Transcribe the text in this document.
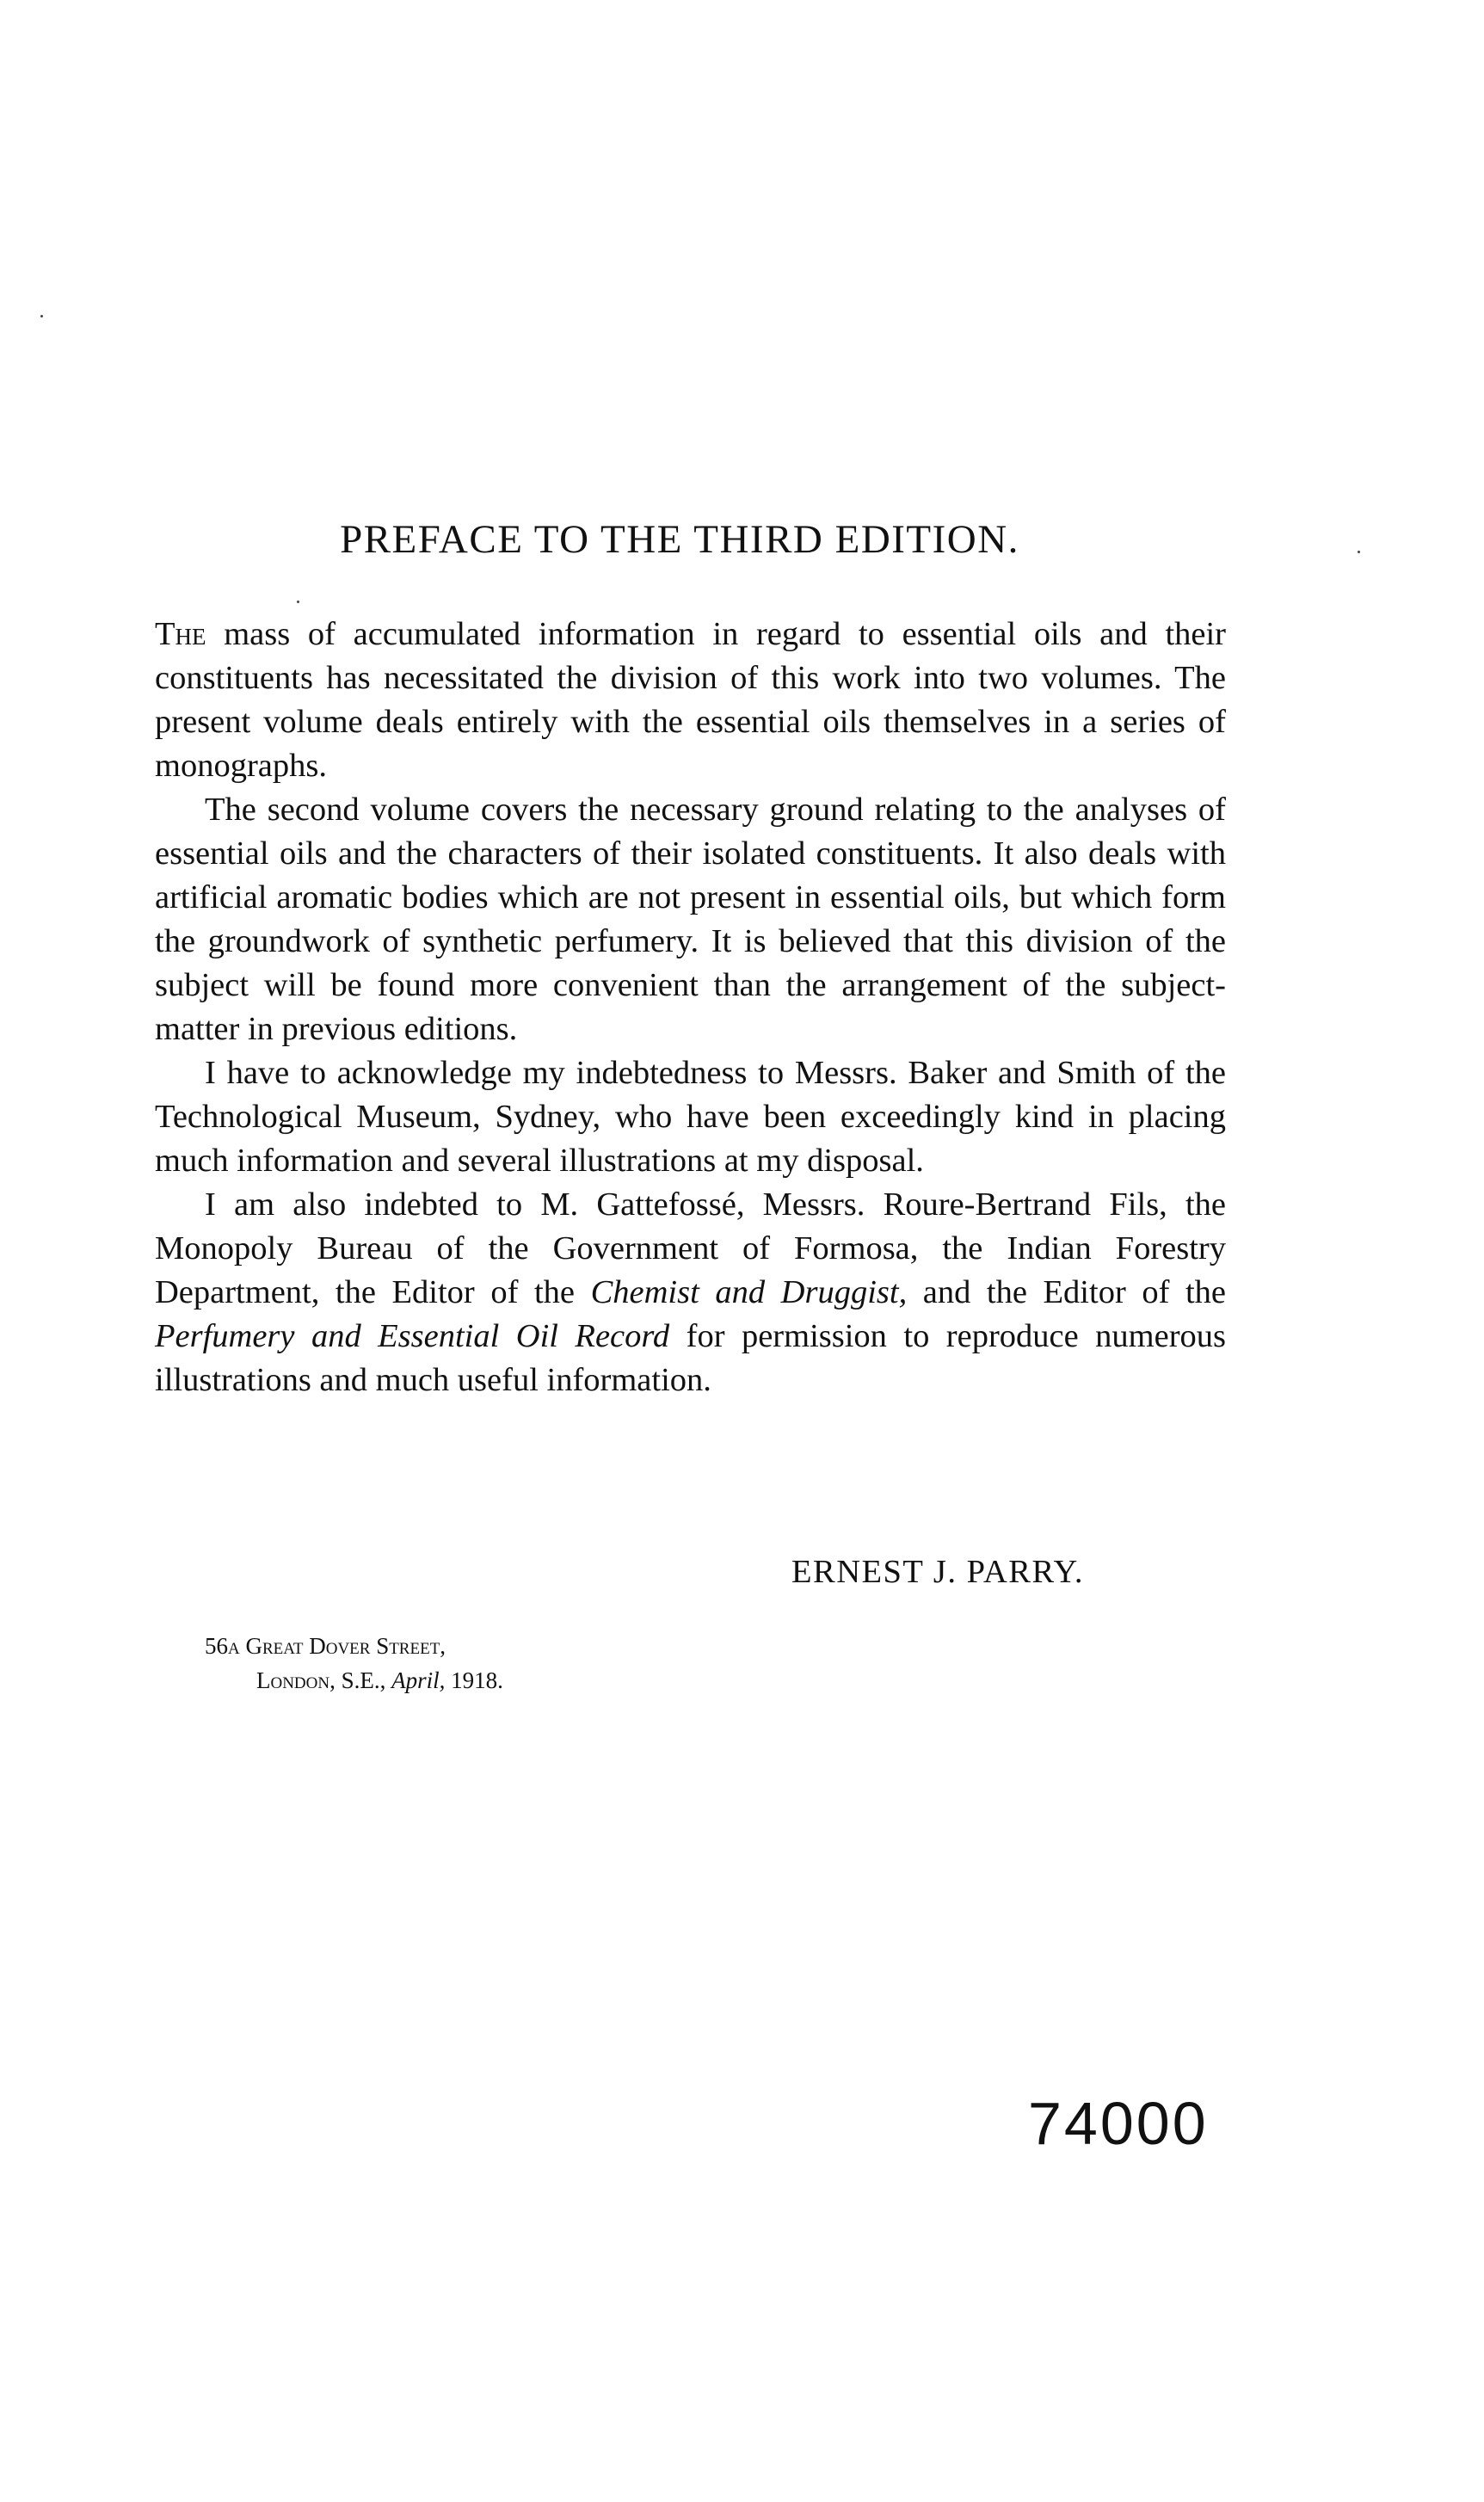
PREFACE TO THE THIRD EDITION.

The mass of accumulated information in regard to essential oils and their constituents has necessitated the division of this work into two volumes. The present volume deals entirely with the essential oils themselves in a series of monographs.

The second volume covers the necessary ground relating to the analyses of essential oils and the characters of their isolated constituents. It also deals with artificial aromatic bodies which are not present in essential oils, but which form the groundwork of synthetic perfumery. It is believed that this division of the subject will be found more convenient than the arrangement of the subject-matter in previous editions.

I have to acknowledge my indebtedness to Messrs. Baker and Smith of the Technological Museum, Sydney, who have been exceedingly kind in placing much information and several illustrations at my disposal.

I am also indebted to M. Gattefossé, Messrs. Roure-Bertrand Fils, the Monopoly Bureau of the Government of Formosa, the Indian Forestry Department, the Editor of the Chemist and Druggist, and the Editor of the Perfumery and Essential Oil Record for permission to reproduce numerous illustrations and much useful information.

ERNEST J. PARRY.
56a Great Dover Street,
London, S.E., April, 1918.
74000
